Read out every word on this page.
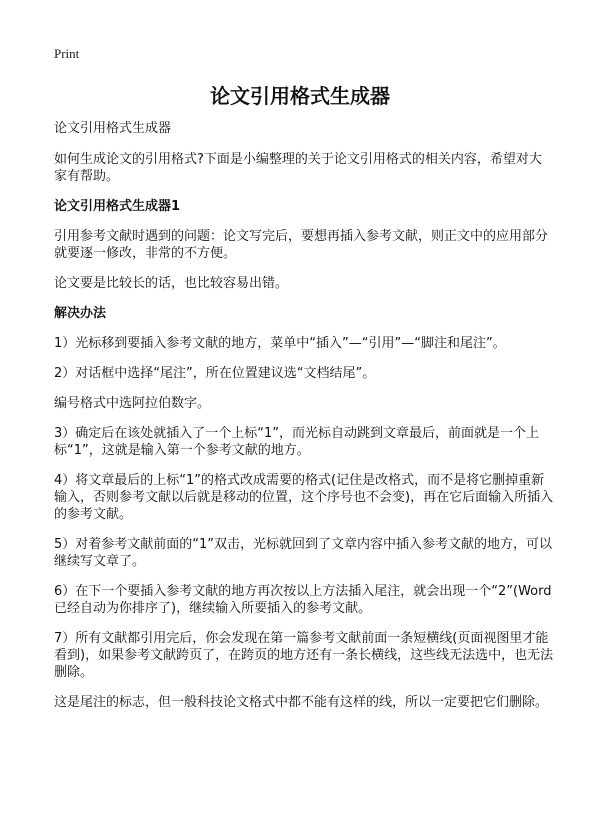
Print
论文引用格式生成器

论文引用格式生成器

如何生成论文的引用格式?下面是小编整理的关于论文引用格式的相关内容，希望对大家有帮助。

论文引用格式生成器1

引用参考文献时遇到的问题：论文写完后，要想再插入参考文献，则正文中的应用部分就要逐一修改，非常的不方便。

论文要是比较长的话，也比较容易出错。

解决办法

1）光标移到要插入参考文献的地方，菜单中“插入”—“引用”—“脚注和尾注”。

2）对话框中选择“尾注”，所在位置建议选“文档结尾”。

编号格式中选阿拉伯数字。

3）确定后在该处就插入了一个上标“1”，而光标自动跳到文章最后，前面就是一个上标“1”，这就是输入第一个参考文献的地方。

4）将文章最后的上标“1”的格式改成需要的格式(记住是改格式，而不是将它删掉重新输入，否则参考文献以后就是移动的位置，这个序号也不会变)，再在它后面输入所插入的参考文献。

5）对着参考文献前面的“1”双击，光标就回到了文章内容中插入参考文献的地方，可以继续写文章了。

6）在下一个要插入参考文献的地方再次按以上方法插入尾注，就会出现一个“2”(Word已经自动为你排序了)，继续输入所要插入的参考文献。

7）所有文献都引用完后，你会发现在第一篇参考文献前面一条短横线(页面视图里才能看到)，如果参考文献跨页了，在跨页的地方还有一条长横线，这些线无法选中，也无法删除。

这是尾注的标志，但一般科技论文格式中都不能有这样的线，所以一定要把它们删除。
